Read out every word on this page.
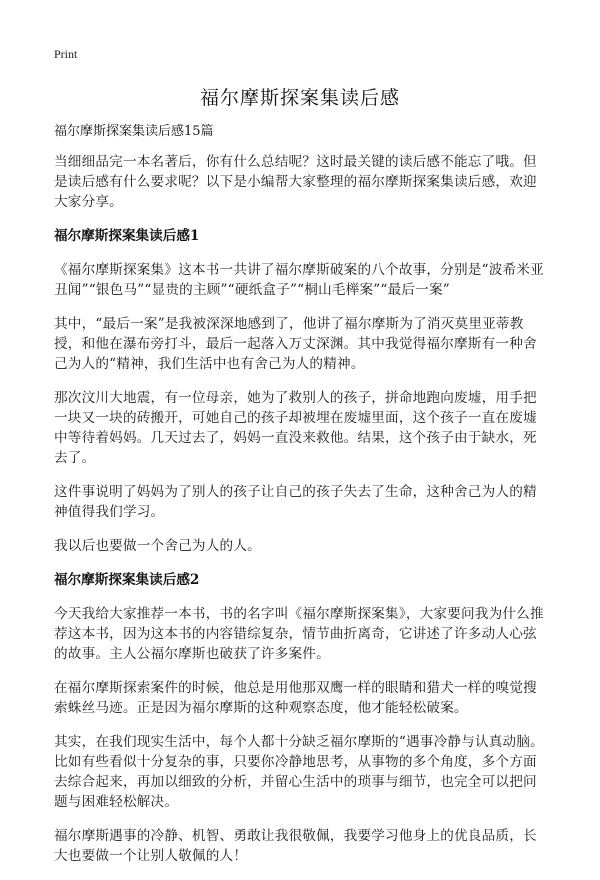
Print
福尔摩斯探案集读后感
福尔摩斯探案集读后感15篇

当细细品完一本名著后，你有什么总结呢？这时最关键的读后感不能忘了哦。但是读后感有什么要求呢？以下是小编帮大家整理的福尔摩斯探案集读后感，欢迎大家分享。

福尔摩斯探案集读后感1

《福尔摩斯探案集》这本书一共讲了福尔摩斯破案的八个故事，分别是“波希米亚丑闻”“银色马”“显贵的主顾”“硬纸盒子”“桐山毛榉案”“最后一案”

其中，“最后一案”是我被深深地感到了，他讲了福尔摩斯为了消灭莫里亚蒂教授，和他在瀑布旁打斗，最后一起落入万丈深渊。其中我觉得福尔摩斯有一种舍己为人的“精神，我们生活中也有舍己为人的精神。

那次汶川大地震，有一位母亲，她为了救别人的孩子，拼命地跑向废墟，用手把一块又一块的砖搬开，可她自己的孩子却被埋在废墟里面，这个孩子一直在废墟中等待着妈妈。几天过去了，妈妈一直没来救他。结果，这个孩子由于缺水，死去了。

这件事说明了妈妈为了别人的孩子让自己的孩子失去了生命，这种舍己为人的精神值得我们学习。

我以后也要做一个舍己为人的人。

福尔摩斯探案集读后感2

今天我给大家推荐一本书，书的名字叫《福尔摩斯探案集》，大家要问我为什么推荐这本书，因为这本书的内容错综复杂，情节曲折离奇，它讲述了许多动人心弦的故事。主人公福尔摩斯也破获了许多案件。

在福尔摩斯探索案件的时候，他总是用他那双鹰一样的眼睛和猎犬一样的嗅觉搜索蛛丝马迹。正是因为福尔摩斯的这种观察态度，他才能轻松破案。

其实，在我们现实生活中，每个人都十分缺乏福尔摩斯的“遇事冷静与认真动脑。比如有些看似十分复杂的事，只要你冷静地思考，从事物的多个角度，多个方面去综合起来，再加以细致的分析，并留心生活中的琐事与细节，也完全可以把问题与困难轻松解决。

福尔摩斯遇事的冷静、机智、勇敢让我很敬佩，我要学习他身上的优良品质，长大也要做一个让别人敬佩的人！
